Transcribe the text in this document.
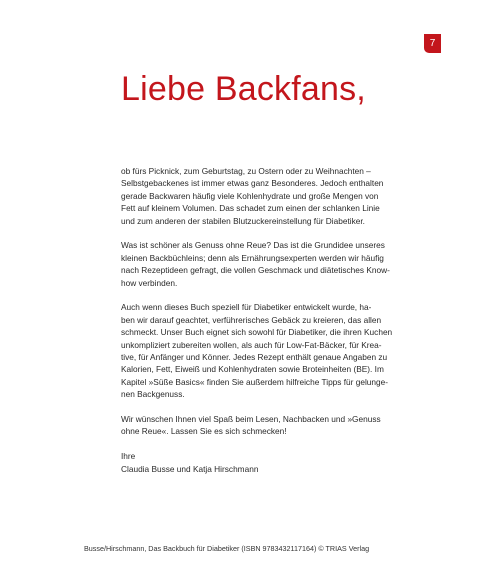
7
Liebe Backfans,
ob fürs Picknick, zum Geburtstag, zu Ostern oder zu Weihnachten –
Selbstgebackenes ist immer etwas ganz Besonderes. Jedoch enthalten
gerade Backwaren häufig viele Kohlenhydrate und große Mengen von
Fett auf kleinem Volumen. Das schadet zum einen der schlanken Linie
und zum anderen der stabilen Blutzuckereinstellung für Diabetiker.
Was ist schöner als Genuss ohne Reue? Das ist die Grundidee unseres
kleinen Backbüchleins; denn als Ernährungsexperten werden wir häufig
nach Rezeptideen gefragt, die vollen Geschmack und diätetisches Know-
how verbinden.
Auch wenn dieses Buch speziell für Diabetiker entwickelt wurde, ha-
ben wir darauf geachtet, verführerisches Gebäck zu kreieren, das allen
schmeckt. Unser Buch eignet sich sowohl für Diabetiker, die ihren Kuchen
unkompliziert zubereiten wollen, als auch für Low-Fat-Bäcker, für Krea-
tive, für Anfänger und Könner. Jedes Rezept enthält genaue Angaben zu
Kalorien, Fett, Eiweiß und Kohlenhydraten sowie Broteinheiten (BE). Im
Kapitel »Süße Basics« finden Sie außerdem hilfreiche Tipps für gelunge-
nen Backgenuss.
Wir wünschen Ihnen viel Spaß beim Lesen, Nachbacken und »Genuss
ohne Reue«. Lassen Sie es sich schmecken!
Ihre
Claudia Busse und Katja Hirschmann
Busse/Hirschmann, Das Backbuch für Diabetiker (ISBN 9783432117164) © TRIAS Verlag
